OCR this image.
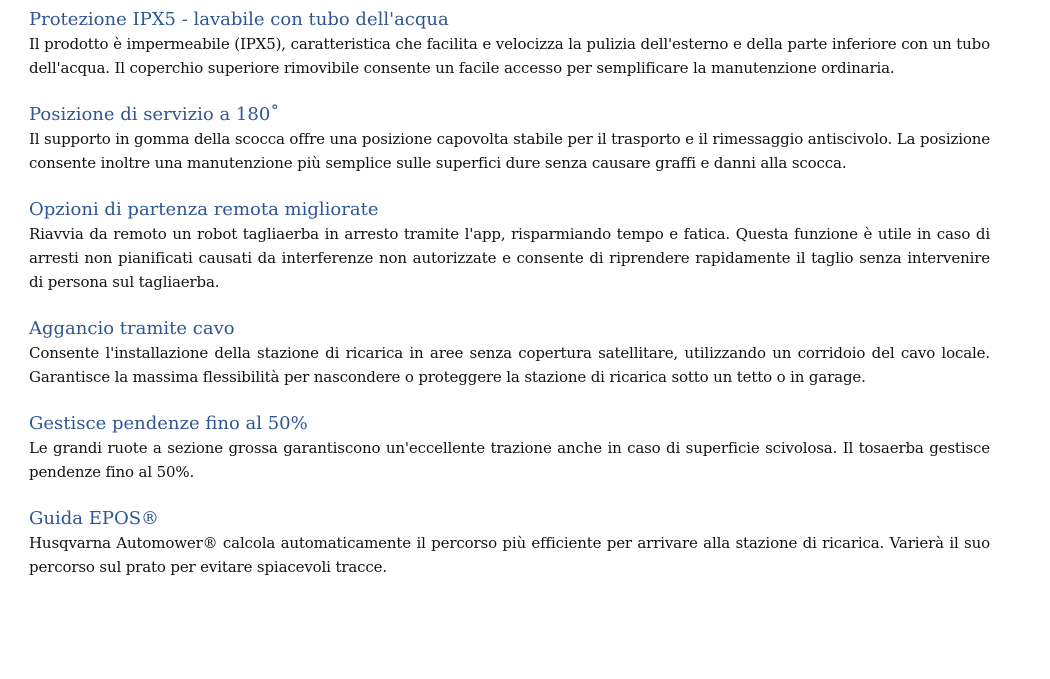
Protezione IPX5 - lavabile con tubo dell'acqua

Il prodotto è impermeabile (IPX5), caratteristica che facilita e velocizza la pulizia dell'esterno e della parte inferiore con un tubo dell'acqua. Il coperchio superiore rimovibile consente un facile accesso per semplificare la manutenzione ordinaria.

Posizione di servizio a 180˚

Il supporto in gomma della scocca offre una posizione capovolta stabile per il trasporto e il rimessaggio antiscivolo. La posizione consente inoltre una manutenzione più semplice sulle superfici dure senza causare graffi e danni alla scocca.

Opzioni di partenza remota migliorate

Riavvia da remoto un robot tagliaerba in arresto tramite l'app, risparmiando tempo e fatica. Questa funzione è utile in caso di arresti non pianificati causati da interferenze non autorizzate e consente di riprendere rapidamente il taglio senza intervenire di persona sul tagliaerba.

Aggancio tramite cavo

Consente l'installazione della stazione di ricarica in aree senza copertura satellitare, utilizzando un corridoio del cavo locale. Garantisce la massima flessibilità per nascondere o proteggere la stazione di ricarica sotto un tetto o in garage.

Gestisce pendenze fino al 50%

Le grandi ruote a sezione grossa garantiscono un'eccellente trazione anche in caso di superficie scivolosa. Il tosaerba gestisce pendenze fino al 50%.

Guida EPOS®

Husqvarna Automower® calcola automaticamente il percorso più efficiente per arrivare alla stazione di ricarica. Varierà il suo percorso sul prato per evitare spiacevoli tracce.
